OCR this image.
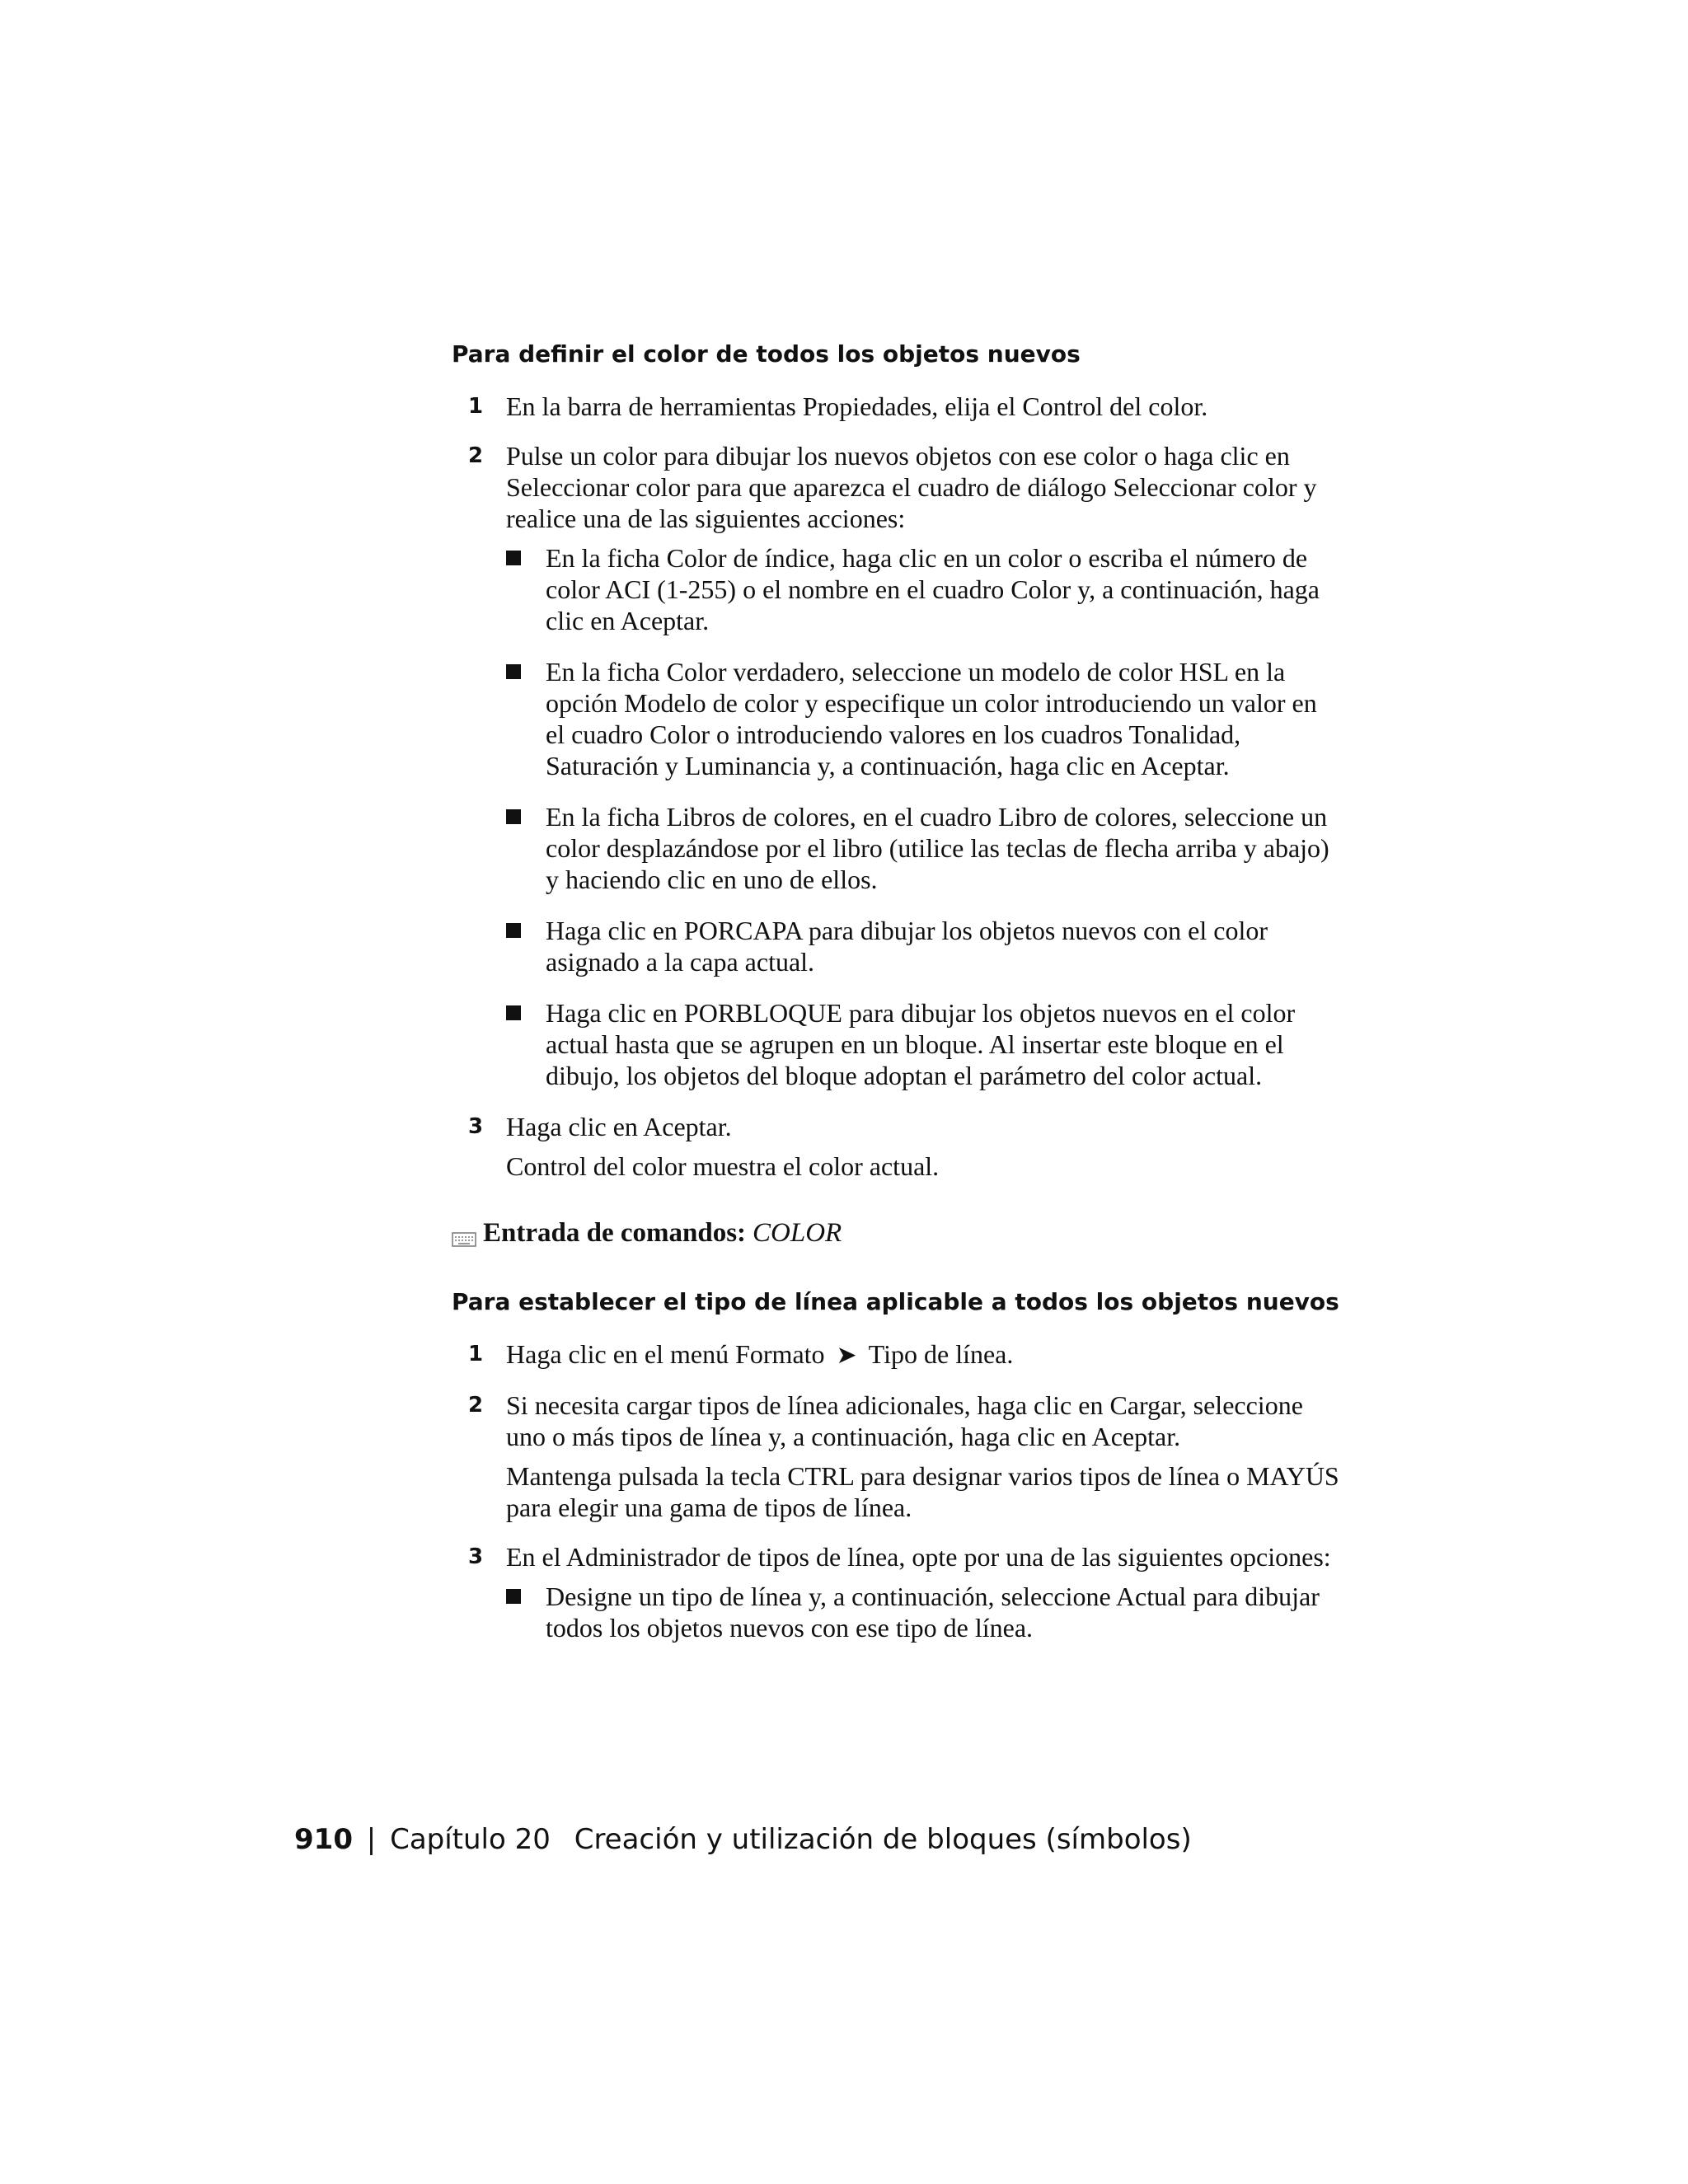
Para definir el color de todos los objetos nuevos
1 En la barra de herramientas Propiedades, elija el Control del color.
2 Pulse un color para dibujar los nuevos objetos con ese color o haga clic en Seleccionar color para que aparezca el cuadro de diálogo Seleccionar color y realice una de las siguientes acciones:
En la ficha Color de índice, haga clic en un color o escriba el número de color ACI (1-255) o el nombre en el cuadro Color y, a continuación, haga clic en Aceptar.
En la ficha Color verdadero, seleccione un modelo de color HSL en la opción Modelo de color y especifique un color introduciendo un valor en el cuadro Color o introduciendo valores en los cuadros Tonalidad, Saturación y Luminancia y, a continuación, haga clic en Aceptar.
En la ficha Libros de colores, en el cuadro Libro de colores, seleccione un color desplazándose por el libro (utilice las teclas de flecha arriba y abajo) y haciendo clic en uno de ellos.
Haga clic en PORCAPA para dibujar los objetos nuevos con el color asignado a la capa actual.
Haga clic en PORBLOQUE para dibujar los objetos nuevos en el color actual hasta que se agrupen en un bloque. Al insertar este bloque en el dibujo, los objetos del bloque adoptan el parámetro del color actual.
3 Haga clic en Aceptar.
Control del color muestra el color actual.
Entrada de comandos: COLOR
Para establecer el tipo de línea aplicable a todos los objetos nuevos
1 Haga clic en el menú Formato ➤ Tipo de línea.
2 Si necesita cargar tipos de línea adicionales, haga clic en Cargar, seleccione uno o más tipos de línea y, a continuación, haga clic en Aceptar.
Mantenga pulsada la tecla CTRL para designar varios tipos de línea o MAYÚS para elegir una gama de tipos de línea.
3 En el Administrador de tipos de línea, opte por una de las siguientes opciones:
Designe un tipo de línea y, a continuación, seleccione Actual para dibujar todos los objetos nuevos con ese tipo de línea.
910 | Capítulo 20 Creación y utilización de bloques (símbolos)
